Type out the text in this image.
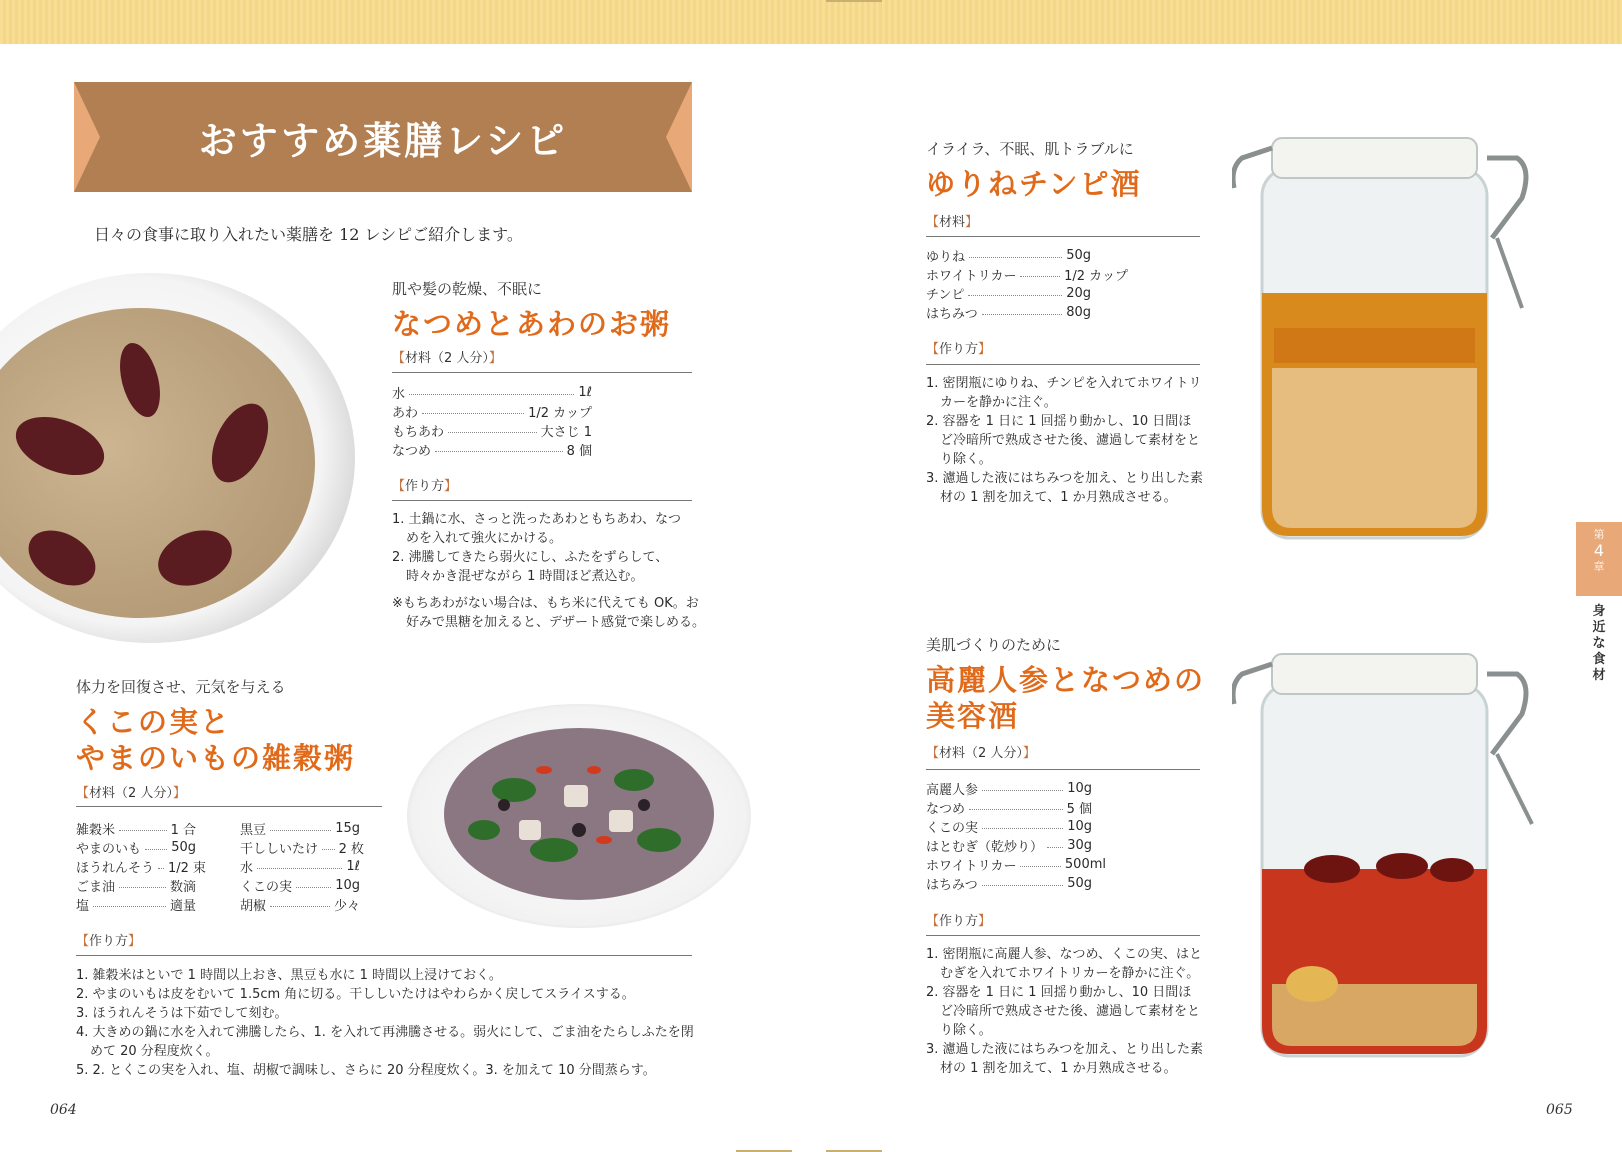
おすすめ薬膳レシピ
日々の食事に取り入れたい薬膳を 12 レシピご紹介します。
肌や髪の乾燥、不眠に
なつめとあわのお粥
【材料（2 人分）】
水	1ℓ
あわ	1/2 カップ
もちあわ	大さじ 1
なつめ	8 個
【作り方】
1. 土鍋に水、さっと洗ったあわともちあわ、なつめを入れて強火にかける。
2. 沸騰してきたら弱火にし、ふたをずらして、時々かき混ぜながら 1 時間ほど煮込む。
※もちあわがない場合は、もち米に代えても OK。お好みで黒糖を加えると、デザート感覚で楽しめる。
体力を回復させ、元気を与える
くこの実と
やまのいもの雑穀粥
【材料（2 人分）】
雑穀米	1 合
やまのいも 50g
ほうれんそう 1/2 束
ごま油	数滴
塩	適量
黒豆	15g
干ししいたけ 2 枚
水	1ℓ
くこの実	10g
胡椒	少々
【作り方】
1. 雑穀米はといで 1 時間以上おき、黒豆も水に 1 時間以上浸けておく。
2. やまのいもは皮をむいて 1.5cm 角に切る。干ししいたけはやわらかく戻してスライスする。
3. ほうれんそうは下茹でして刻む。
4. 大きめの鍋に水を入れて沸騰したら、1. を入れて再沸騰させる。弱火にして、ごま油をたらしふたを閉めて 20 分程度炊く。
5. 2. とくこの実を入れ、塩、胡椒で調味し、さらに 20 分程度炊く。3. を加えて 10 分間蒸らす。
イライラ、不眠、肌トラブルに
ゆりねチンピ酒
【材料】
ゆりね	50g
ホワイトリカー	1/2 カップ
チンピ	20g
はちみつ	80g
【作り方】
1. 密閉瓶にゆりね、チンピを入れてホワイトリカーを静かに注ぐ。
2. 容器を 1 日に 1 回揺り動かし、10 日間ほど冷暗所で熟成させた後、濾過して素材をとり除く。
3. 濾過した液にはちみつを加え、とり出した素材の 1 割を加えて、1 か月熟成させる。
美肌づくりのために
高麗人参となつめの
美容酒
【材料（2 人分）】
高麗人参	10g
なつめ	5 個
くこの実	10g
はとむぎ（乾炒り） 30g
ホワイトリカー	500ml
はちみつ	50g
【作り方】
1. 密閉瓶に高麗人参、なつめ、くこの実、はとむぎを入れてホワイトリカーを静かに注ぐ。
2. 容器を 1 日に 1 回揺り動かし、10 日間ほど冷暗所で熟成させた後、濾過して素材をとり除く。
3. 濾過した液にはちみつを加え、とり出した素材の 1 割を加えて、1 か月熟成させる。
第
4
章
身近な食材
064	065
